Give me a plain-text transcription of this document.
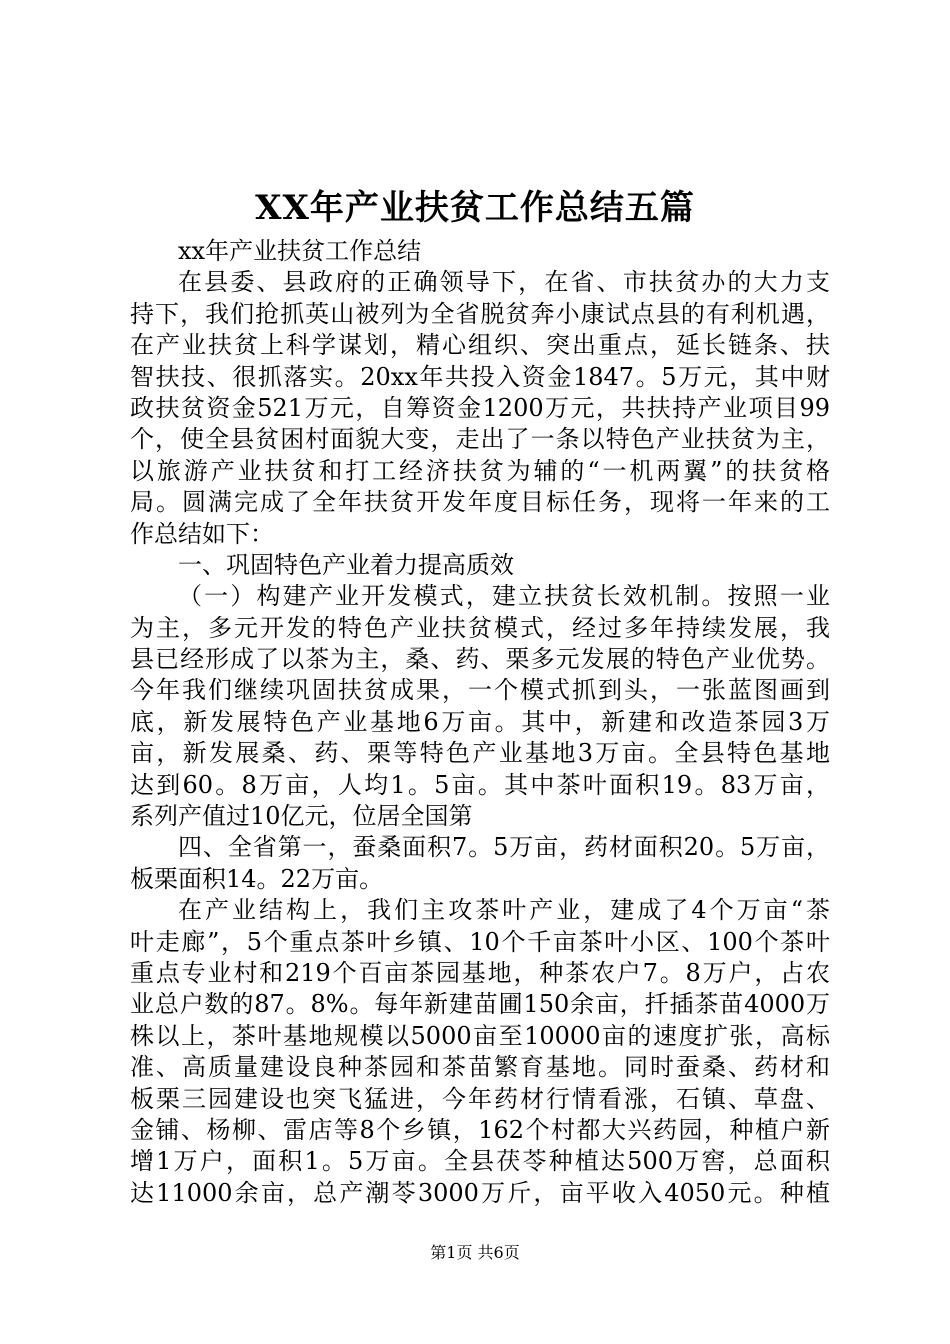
XX年产业扶贫工作总结五篇
xx年产业扶贫工作总结
在县委、县政府的正确领导下，在省、市扶贫办的大力支
持下，我们抢抓英山被列为全省脱贫奔小康试点县的有利机遇，
在产业扶贫上科学谋划，精心组织、突出重点，延长链条、扶
智扶技、很抓落实。20xx年共投入资金1847。5万元，其中财
政扶贫资金521万元，自筹资金1200万元，共扶持产业项目99
个，使全县贫困村面貌大变，走出了一条以特色产业扶贫为主，
以旅游产业扶贫和打工经济扶贫为辅的“一机两翼”的扶贫格
局。圆满完成了全年扶贫开发年度目标任务，现将一年来的工
作总结如下：
一、巩固特色产业着力提高质效
（一）构建产业开发模式，建立扶贫长效机制。按照一业
为主，多元开发的特色产业扶贫模式，经过多年持续发展，我
县已经形成了以茶为主，桑、药、栗多元发展的特色产业优势。
今年我们继续巩固扶贫成果，一个模式抓到头，一张蓝图画到
底，新发展特色产业基地6万亩。其中，新建和改造茶园3万
亩，新发展桑、药、栗等特色产业基地3万亩。全县特色基地
达到60。8万亩，人均1。5亩。其中茶叶面积19。83万亩，
系列产值过10亿元，位居全国第
四、全省第一，蚕桑面积7。5万亩，药材面积20。5万亩，
板栗面积14。22万亩。
在产业结构上，我们主攻茶叶产业，建成了4个万亩“茶
叶走廊”，5个重点茶叶乡镇、10个千亩茶叶小区、100个茶叶
重点专业村和219个百亩茶园基地，种茶农户7。8万户，占农
业总户数的87。8%。每年新建苗圃150余亩，扦插茶苗4000万
株以上，茶叶基地规模以5000亩至10000亩的速度扩张，高标
准、高质量建设良种茶园和茶苗繁育基地。同时蚕桑、药材和
板栗三园建设也突飞猛进，今年药材行情看涨，石镇、草盘、
金铺、杨柳、雷店等8个乡镇，162个村都大兴药园，种植户新
增1万户，面积1。5万亩。全县茯苓种植达500万窖，总面积
达11000余亩，总产潮苓3000万斤，亩平收入4050元。种植
第1页 共6页
